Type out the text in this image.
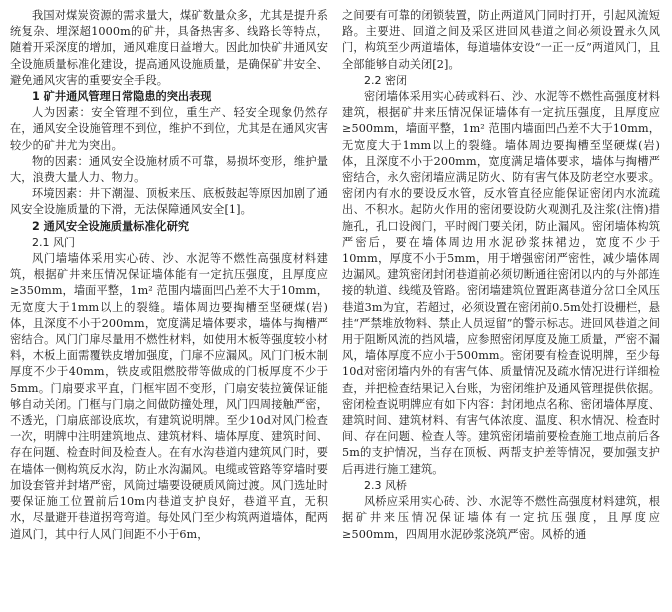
我国对煤炭资源的需求量大，煤矿数量众多，尤其是提升系统复杂、埋深超1000m的矿井，具备热害多、线路长等特点，随着开采深度的增加，通风难度日益增大。因此加快矿井通风安全设施质量标准化建设，提高通风设施质量，是确保矿井安全、避免通风灾害的重要安全手段。

1 矿井通风管理日常隐患的突出表现

人为因素：安全管理不到位，重生产、轻安全现象仍然存在，通风安全设施管理不到位，维护不到位，尤其是在通风灾害较少的矿井尤为突出。

物的因素：通风安全设施材质不可靠，易损坏变形，维护量大，浪费大量人力、物力。

环境因素：井下潮湿、顶板来压、底板鼓起等原因加剧了通风安全设施质量的下滑，无法保障通风安全[1]。

2 通风安全设施质量标准化研究

2.1 风门

风门墙墙体采用实心砖、沙、水泥等不燃性高强度材料建筑，根据矿井来压情况保证墙体能有一定抗压强度，且厚度应≥350mm，墙面平整，1m² 范围内墙面凹凸差不大于10mm，无宽度大于1mm以上的裂缝。墙体周边要掏槽至坚硬煤(岩)体，且深度不小于200mm，宽度满足墙体要求，墙体与掏槽严密结合。风门门扉尽量用不燃性材料，如使用木板等强度较小材料，木板上面需覆铁皮增加强度，门扉不应漏风。风门门板木制厚度不少于40mm，铁皮或阻燃胶带等做成的门板厚度不少于5mm。门扇要求平直，门框牢固不变形，门扇安装拉簧保证能够自动关闭。门框与门扇之间做防撞处理，风门四周接触严密，不透光，门扇底部设底坎，有建筑说明牌。至少10d对风门检查一次，明牌中注明建筑地点、建筑材料、墙体厚度、建筑时间、存在问题、检查时间及检查人。在有水沟巷道内建筑风门时，要在墙体一侧构筑反水沟，防止水沟漏风。电缆或管路等穿墙时要加设套管并封堵严密，风筒过墙要设硬质风筒过渡。风门选址时要保证施工位置前后10m内巷道支护良好，巷道平直，无积水，尽量避开巷道拐弯弯道。每处风门至少构筑两道墙体，配两道风门，其中行人风门间距不小于6m，

之间要有可靠的闭锁装置，防止两道风门同时打开，引起风流短路。主要进、回道之间及采区进回风巷道之间必须设置永久风门，构筑至少两道墙体，每道墙体安设“一正一反”两道风门，且全部能够自动关闭[2]。

2.2 密闭

密闭墙体采用实心砖或料石、沙、水泥等不燃性高强度材料建筑，根据矿井来压情况保证墙体有一定抗压强度，且厚度应≥500mm，墙面平整，1m² 范围内墙面凹凸差不大于10mm，无宽度大于1mm以上的裂缝。墙体周边要掏槽至坚硬煤(岩)体，且深度不小于200mm，宽度满足墙体要求，墙体与掏槽严密结合，永久密闭墙应满足防火、防有害气体及防老空水要求。密闭内有水的要设反水管，反水管直径应能保证密闭内水流疏出、不积水。起防火作用的密闭要设防火观测孔及注浆(注惰)措施孔，孔口设阀门，平时阀门要关闭，防止漏风。密闭墙体构筑严密后，要在墙体周边用水泥砂浆抹裙边，宽度不少于10mm，厚度不小于5mm，用于增强密闭严密性，减少墙体周边漏风。建筑密闭封闭巷道前必须切断通往密闭以内的与外部连接的轨道、线缆及管路。密闭墙建筑位置距离巷道分岔口全风压巷道3m为宜，若超过，必须设置在密闭前0.5m处打设栅栏，悬挂“严禁堆放物料、禁止人员逗留”的警示标志。进回风巷道之间用于阻断风流的挡风墙，应参照密闭厚度及施工质量，严密不漏风，墙体厚度不应小于500mm。密闭要有检查说明牌，至少每10d对密闭墙内外的有害气体、质量情况及疏水情况进行详细检查，并把检查结果记入台账，为密闭维护及通风管理提供依据。密闭检查说明牌应有如下内容：封闭地点名称、密闭墙体厚度、建筑时间、建筑材料、有害气体浓度、温度、积水情况、检查时间、存在问题、检查人等。建筑密闭墙前要检查施工地点前后各5m的支护情况，当存在顶板、两帮支护差等情况，要加强支护后再进行施工建筑。

2.3 风桥

风桥应采用实心砖、沙、水泥等不燃性高强度材料建筑，根据矿井来压情况保证墙体有一定抗压强度，且厚度应≥500mm，四周用水泥砂浆浇筑严密。风桥的通
